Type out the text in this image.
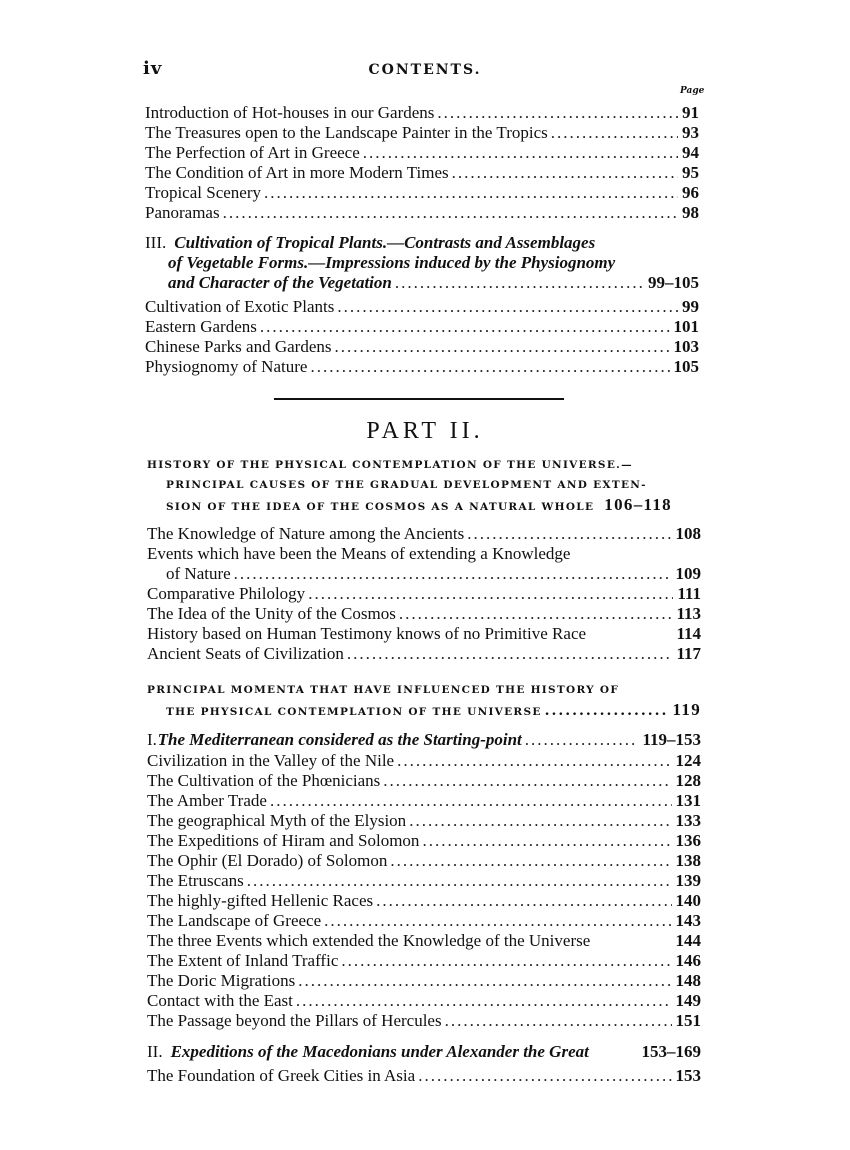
iv	CONTENTS.
Page
Introduction of Hot-houses in our Gardens .....	91
The Treasures open to the Landscape Painter in the Tropics .....	93
The Perfection of Art in Greece .....	94
The Condition of Art in more Modern Times .....	95
Tropical Scenery .....	96
Panoramas .....	98
III. Cultivation of Tropical Plants.—Contrasts and Assemblages
of Vegetable Forms.—Impressions induced by the Physiognomy
and Character of the Vegetation .....	99–105
Cultivation of Exotic Plants .....	99
Eastern Gardens .....	101
Chinese Parks and Gardens .....	103
Physiognomy of Nature .....	105
PART II.
HISTORY OF THE PHYSICAL CONTEMPLATION OF THE UNIVERSE.—
PRINCIPAL CAUSES OF THE GRADUAL DEVELOPMENT AND EXTEN-
SION OF THE IDEA OF THE COSMOS AS A NATURAL WHOLE 106–118
The Knowledge of Nature among the Ancients .....	108
Events which have been the Means of extending a Knowledge
of Nature .....	109
Comparative Philology .....	111
The Idea of the Unity of the Cosmos .....	113
History based on Human Testimony knows of no Primitive Race	114
Ancient Seats of Civilization .....	117
PRINCIPAL MOMENTA THAT HAVE INFLUENCED THE HISTORY OF
THE PHYSICAL CONTEMPLATION OF THE UNIVERSE .....	119
I. The Mediterranean considered as the Starting-point .....	119–153
Civilization in the Valley of the Nile .....	124
The Cultivation of the Phœnicians .....	128
The Amber Trade .....	131
The geographical Myth of the Elysion .....	133
The Expeditions of Hiram and Solomon .....	136
The Ophir (El Dorado) of Solomon .....	138
The Etruscans .....	139
The highly-gifted Hellenic Races .....	140
The Landscape of Greece .....	143
The three Events which extended the Knowledge of the Universe	144
The Extent of Inland Traffic .....	146
The Doric Migrations .....	148
Contact with the East .....	149
The Passage beyond the Pillars of Hercules .....	151
II. Expeditions of the Macedonians under Alexander the Great	153–169
The Foundation of Greek Cities in Asia .....	153
